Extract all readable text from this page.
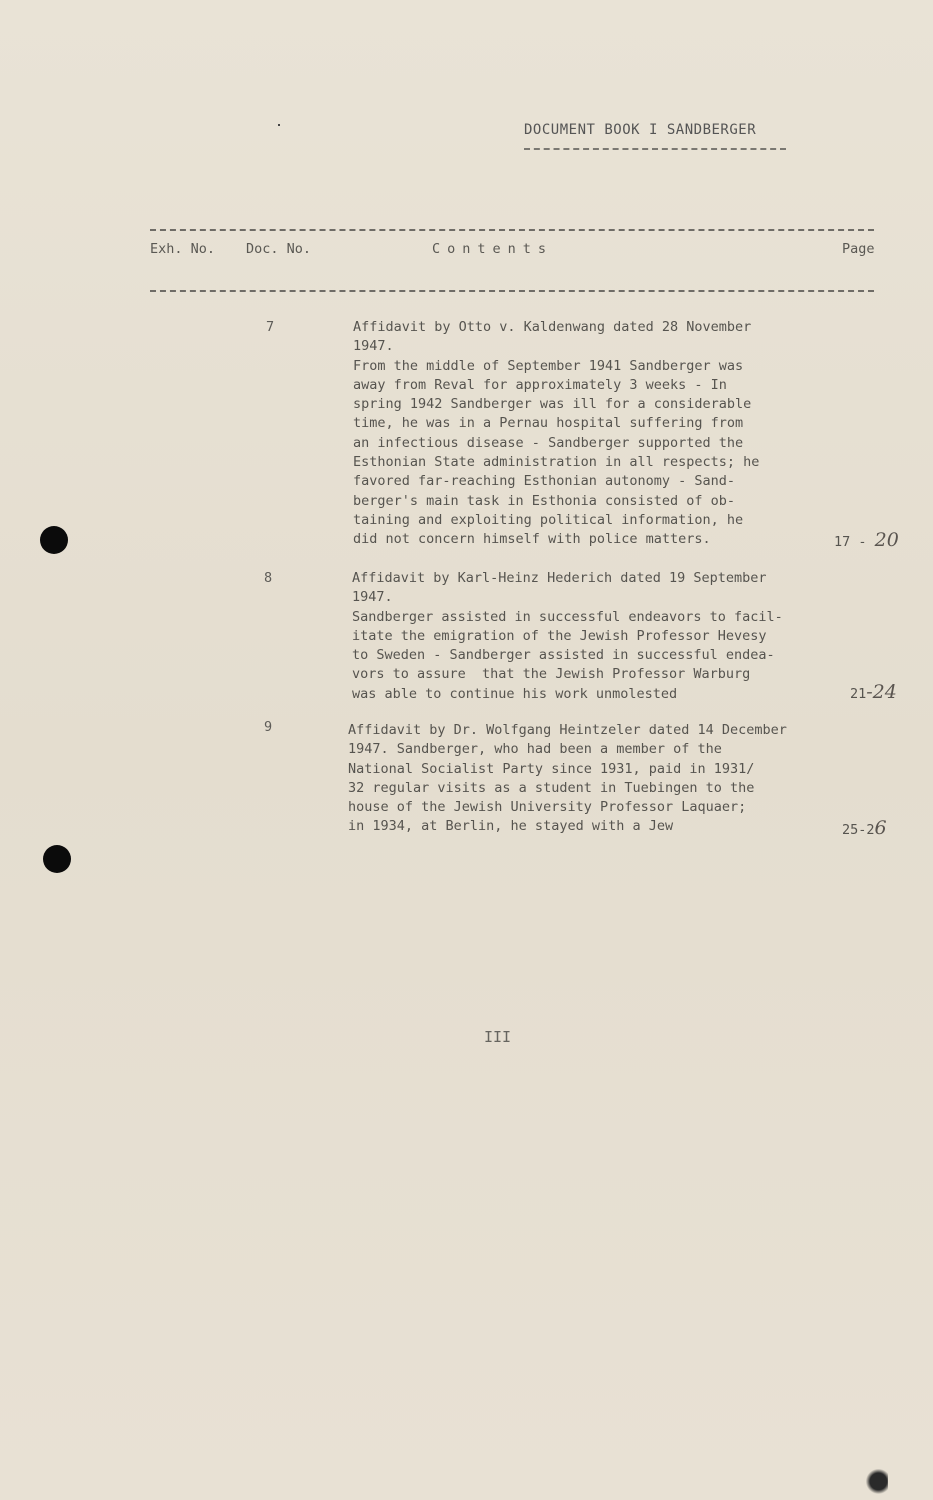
DOCUMENT BOOK I SANDBERGER
Exh. No. Doc. No.	Contents	Page
7	Affidavit by Otto v. Kaldenwang dated 28 November
1947.
From the middle of September 1941 Sandberger was
away from Reval for approximately 3 weeks - In
spring 1942 Sandberger was ill for a considerable
time, he was in a Pernau hospital suffering from
an infectious disease - Sandberger supported the
Esthonian State administration in all respects; he
favored far-reaching Esthonian autonomy - Sand-
berger's main task in Esthonia consisted of ob-
taining and exploiting political information, he
did not concern himself with police matters.	17 - 20
8	Affidavit by Karl-Heinz Hederich dated 19 September
1947.
Sandberger assisted in successful endeavors to facil-
itate the emigration of the Jewish Professor Hevesy
to Sweden - Sandberger assisted in successful endea-
vors to assure  that the Jewish Professor Warburg
was able to continue his work unmolested	21-24
9	Affidavit by Dr. Wolfgang Heintzeler dated 14 December
1947. Sandberger, who had been a member of the
National Socialist Party since 1931, paid in 1931/
32 regular visits as a student in Tuebingen to the
house of the Jewish University Professor Laquaer;
in 1934, at Berlin, he stayed with a Jew	25-26
III
